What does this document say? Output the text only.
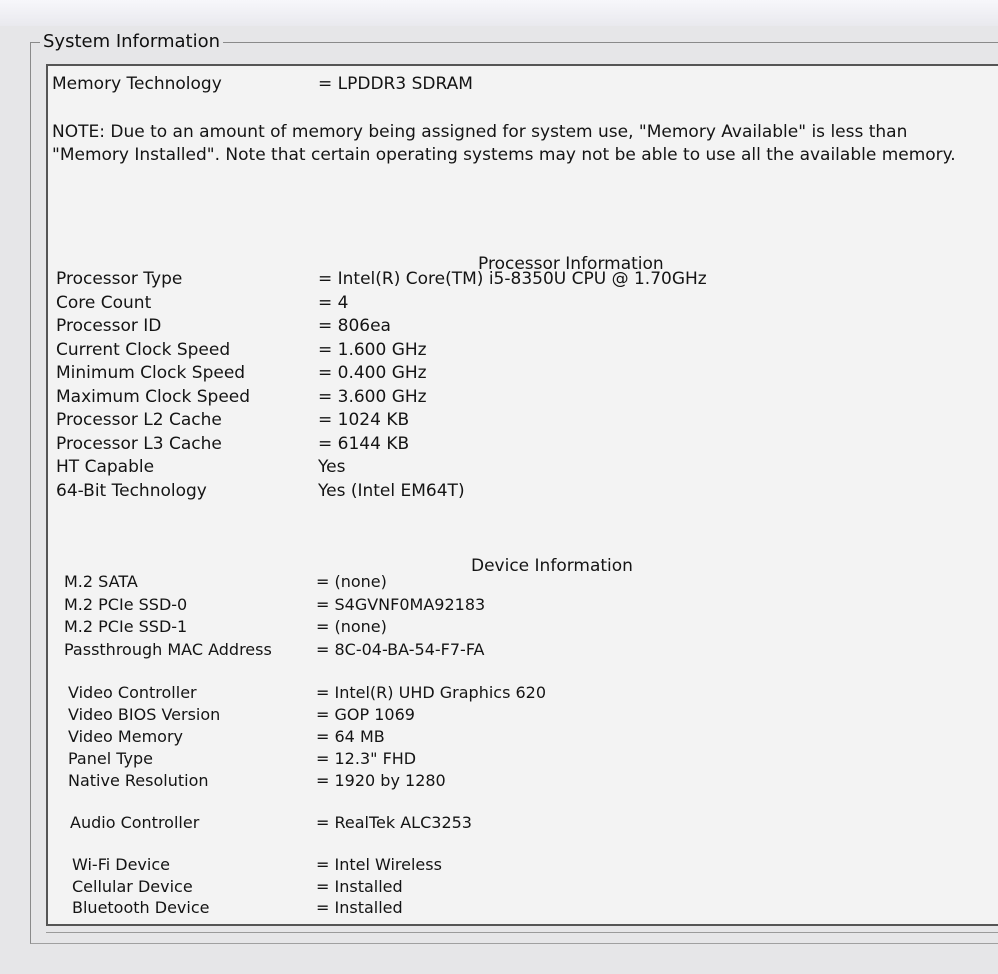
System Information
Memory Technology	= LPDDR3 SDRAM
NOTE: Due to an amount of memory being assigned for system use, "Memory Available" is less than "Memory Installed". Note that certain operating systems may not be able to use all the available memory.
Processor Information
Processor Type	= Intel(R) Core(TM) i5-8350U CPU @ 1.70GHz
Core Count	= 4
Processor ID	= 806ea
Current Clock Speed	= 1.600 GHz
Minimum Clock Speed	= 0.400 GHz
Maximum Clock Speed	= 3.600 GHz
Processor L2 Cache	= 1024 KB
Processor L3 Cache	= 6144 KB
HT Capable	Yes
64-Bit Technology	Yes (Intel EM64T)
Device Information
M.2 SATA	= (none)
M.2 PCIe SSD-0	= S4GVNF0MA92183
M.2 PCIe SSD-1	= (none)
Passthrough MAC Address	= 8C-04-BA-54-F7-FA
Video Controller	= Intel(R) UHD Graphics 620
Video BIOS Version	= GOP 1069
Video Memory	= 64 MB
Panel Type	= 12.3" FHD
Native Resolution	= 1920 by 1280
Audio Controller	= RealTek ALC3253
Wi-Fi Device	= Intel Wireless
Cellular Device	= Installed
Bluetooth Device	= Installed
